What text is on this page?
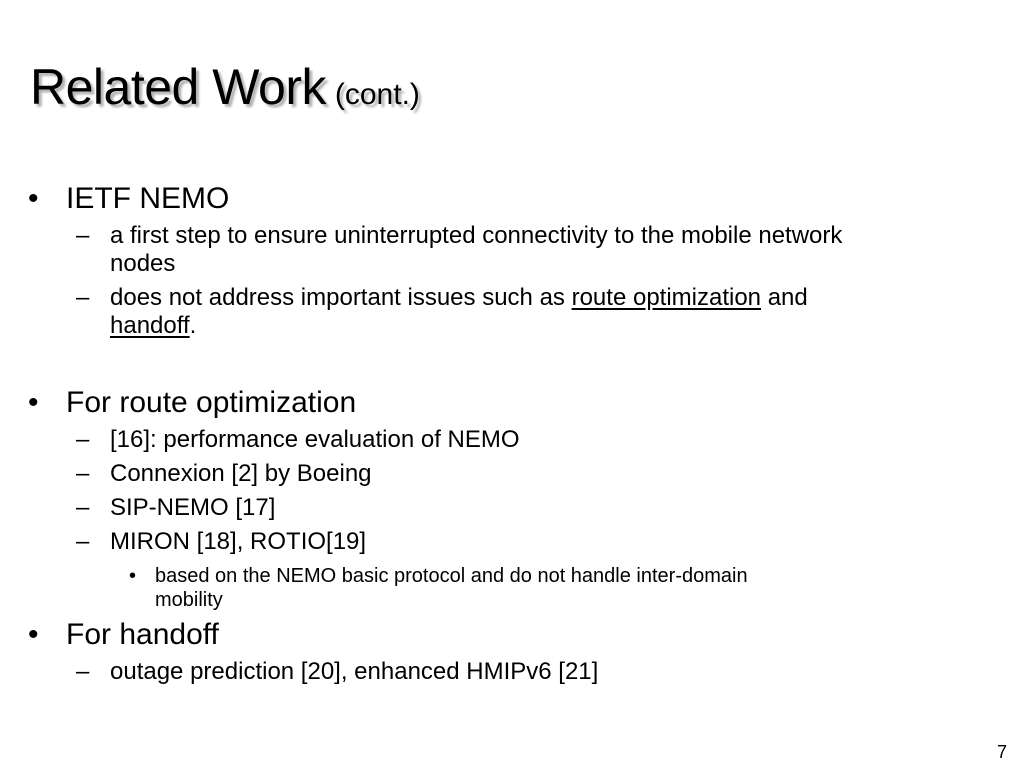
Related Work (cont.)
• IETF NEMO
– a first step to ensure uninterrupted connectivity to the mobile network
nodes
– does not address important issues such as route optimization and
handoff.
• For route optimization
– [16]: performance evaluation of NEMO
– Connexion [2] by Boeing
– SIP-NEMO [17]
– MIRON [18], ROTIO[19]
• based on the NEMO basic protocol and do not handle inter-domain
mobility
• For handoff
– outage prediction [20], enhanced HMIPv6 [21]
7
